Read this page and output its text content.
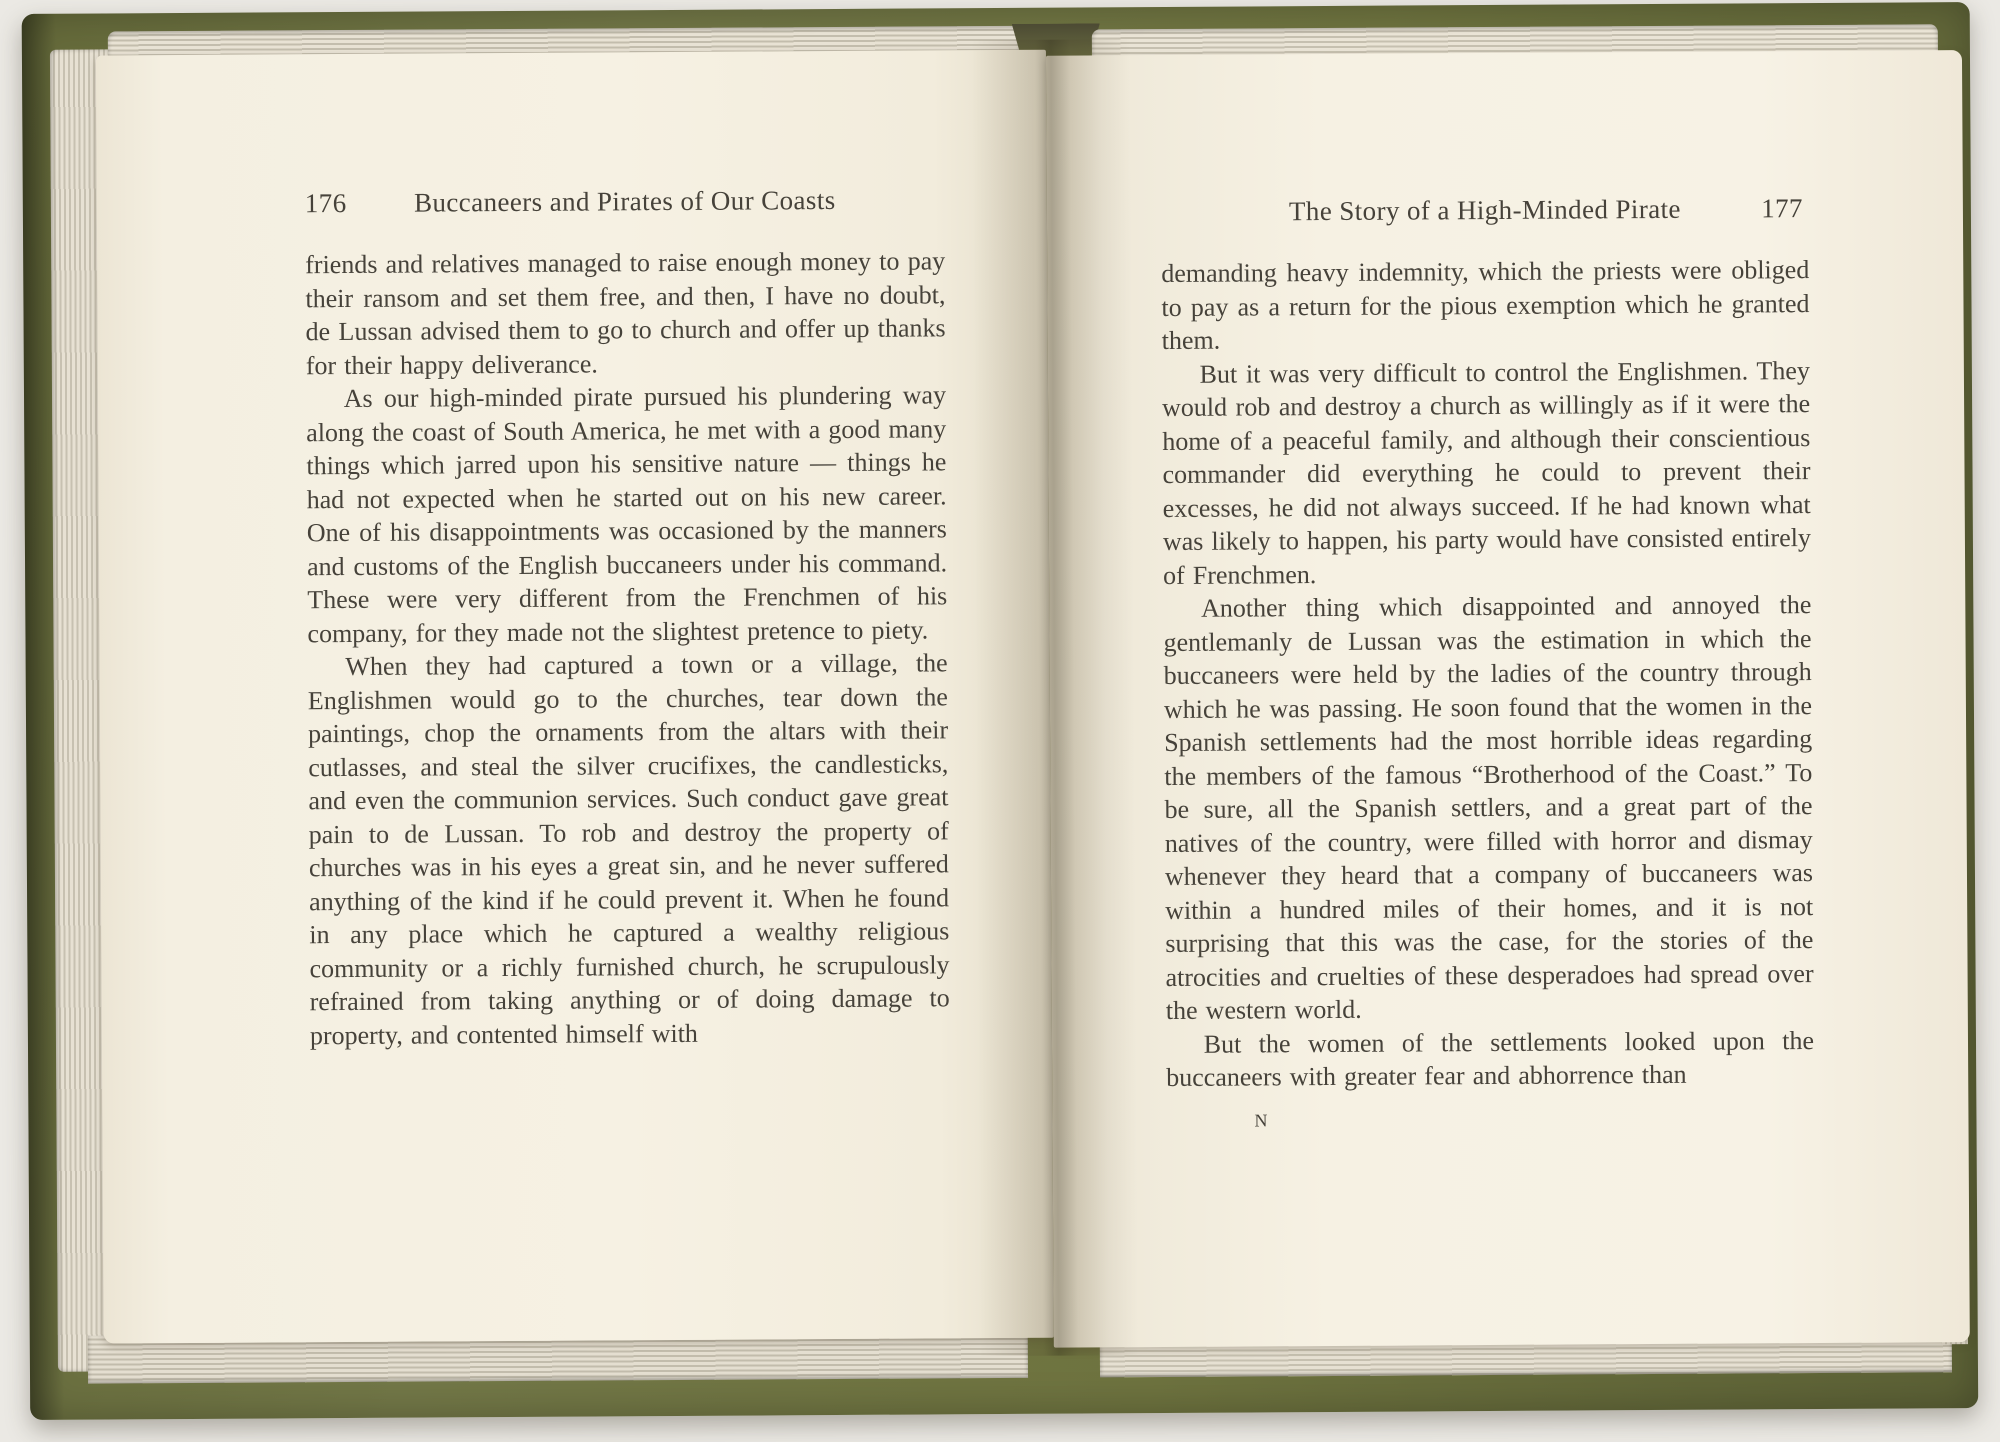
176	Buccaneers and Pirates of Our Coasts

friends and relatives managed to raise enough money to pay their ransom and set them free, and then, I have no doubt, de Lussan advised them to go to church and offer up thanks for their happy deliverance.

As our high-minded pirate pursued his plundering way along the coast of South America, he met with a good many things which jarred upon his sensitive nature — things he had not expected when he started out on his new career. One of his disappointments was occasioned by the manners and customs of the English buccaneers under his command. These were very different from the Frenchmen of his company, for they made not the slightest pretence to piety.

When they had captured a town or a village, the Englishmen would go to the churches, tear down the paintings, chop the ornaments from the altars with their cutlasses, and steal the silver crucifixes, the candlesticks, and even the communion services. Such conduct gave great pain to de Lussan. To rob and destroy the property of churches was in his eyes a great sin, and he never suffered anything of the kind if he could prevent it. When he found in any place which he captured a wealthy religious community or a richly furnished church, he scrupulously refrained from taking anything or of doing damage to property, and contented himself with

The Story of a High-Minded Pirate	177

demanding heavy indemnity, which the priests were obliged to pay as a return for the pious exemption which he granted them.

But it was very difficult to control the Englishmen. They would rob and destroy a church as willingly as if it were the home of a peaceful family, and although their conscientious commander did everything he could to prevent their excesses, he did not always succeed. If he had known what was likely to happen, his party would have consisted entirely of Frenchmen.

Another thing which disappointed and annoyed the gentlemanly de Lussan was the estimation in which the buccaneers were held by the ladies of the country through which he was passing. He soon found that the women in the Spanish settlements had the most horrible ideas regarding the members of the famous “Brotherhood of the Coast.” To be sure, all the Spanish settlers, and a great part of the natives of the country, were filled with horror and dismay whenever they heard that a company of buccaneers was within a hundred miles of their homes, and it is not surprising that this was the case, for the stories of the atrocities and cruelties of these desperadoes had spread over the western world.

But the women of the settlements looked upon the buccaneers with greater fear and abhorrence than

N
